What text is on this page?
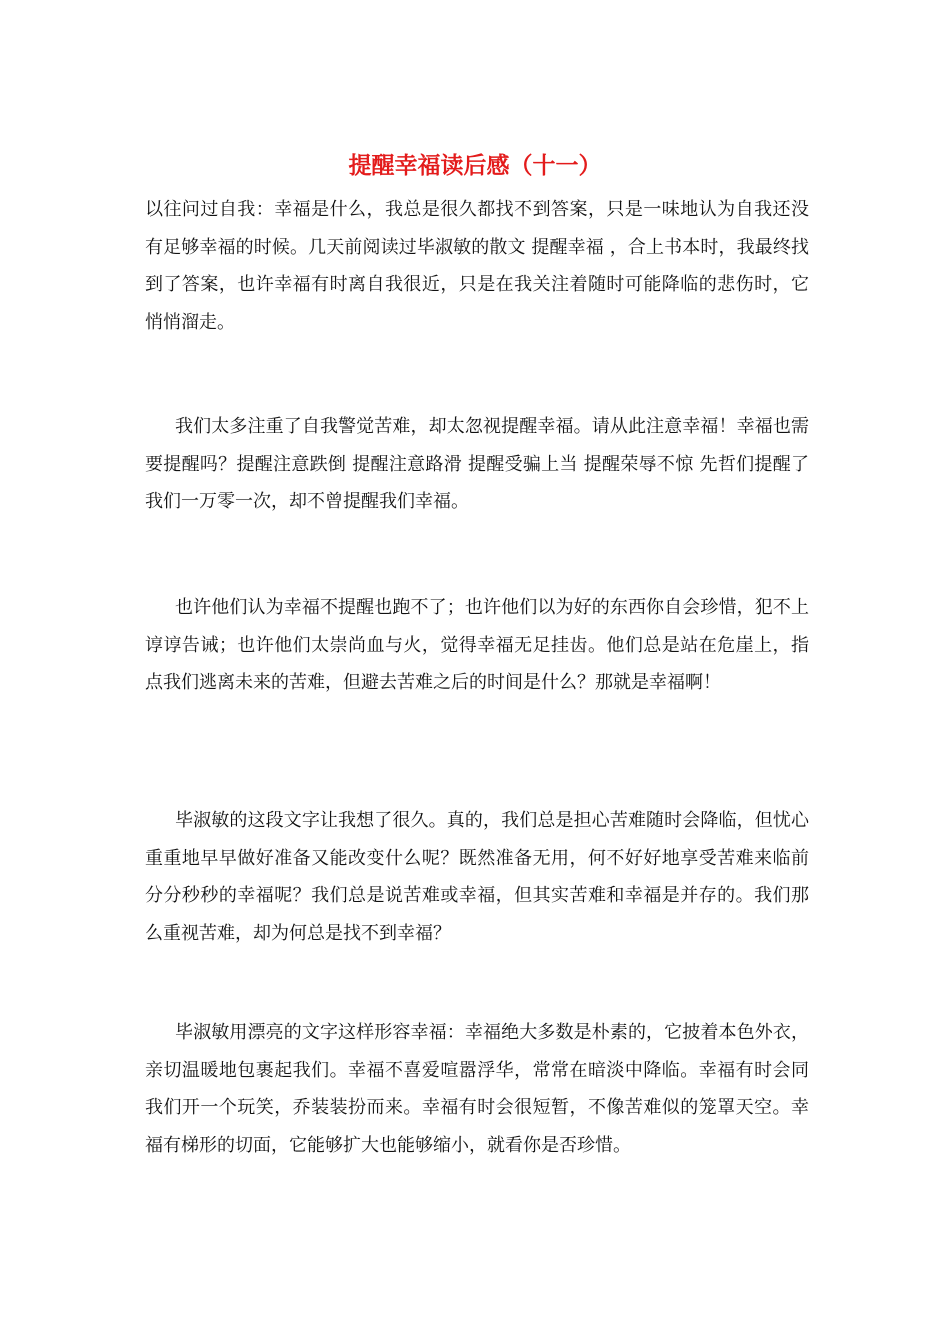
提醒幸福读后感（十一）

以往问过自我：幸福是什么，我总是很久都找不到答案，只是一味地认为自我还没有足够幸福的时候。几天前阅读过毕淑敏的散文 提醒幸福 ，合上书本时，我最终找到了答案，也许幸福有时离自我很近，只是在我关注着随时可能降临的悲伤时，它悄悄溜走。

我们太多注重了自我警觉苦难，却太忽视提醒幸福。请从此注意幸福！幸福也需要提醒吗？提醒注意跌倒 提醒注意路滑 提醒受骗上当 提醒荣辱不惊 先哲们提醒了我们一万零一次，却不曾提醒我们幸福。

也许他们认为幸福不提醒也跑不了；也许他们以为好的东西你自会珍惜，犯不上谆谆告诫；也许他们太崇尚血与火，觉得幸福无足挂齿。他们总是站在危崖上，指点我们逃离未来的苦难，但避去苦难之后的时间是什么？那就是幸福啊！

毕淑敏的这段文字让我想了很久。真的，我们总是担心苦难随时会降临，但忧心重重地早早做好准备又能改变什么呢？既然准备无用，何不好好地享受苦难来临前分分秒秒的幸福呢？我们总是说苦难或幸福，但其实苦难和幸福是并存的。我们那么重视苦难，却为何总是找不到幸福？

毕淑敏用漂亮的文字这样形容幸福：幸福绝大多数是朴素的，它披着本色外衣，亲切温暖地包裹起我们。幸福不喜爱喧嚣浮华，常常在暗淡中降临。幸福有时会同我们开一个玩笑，乔装装扮而来。幸福有时会很短暂，不像苦难似的笼罩天空。幸福有梯形的切面，它能够扩大也能够缩小，就看你是否珍惜。
